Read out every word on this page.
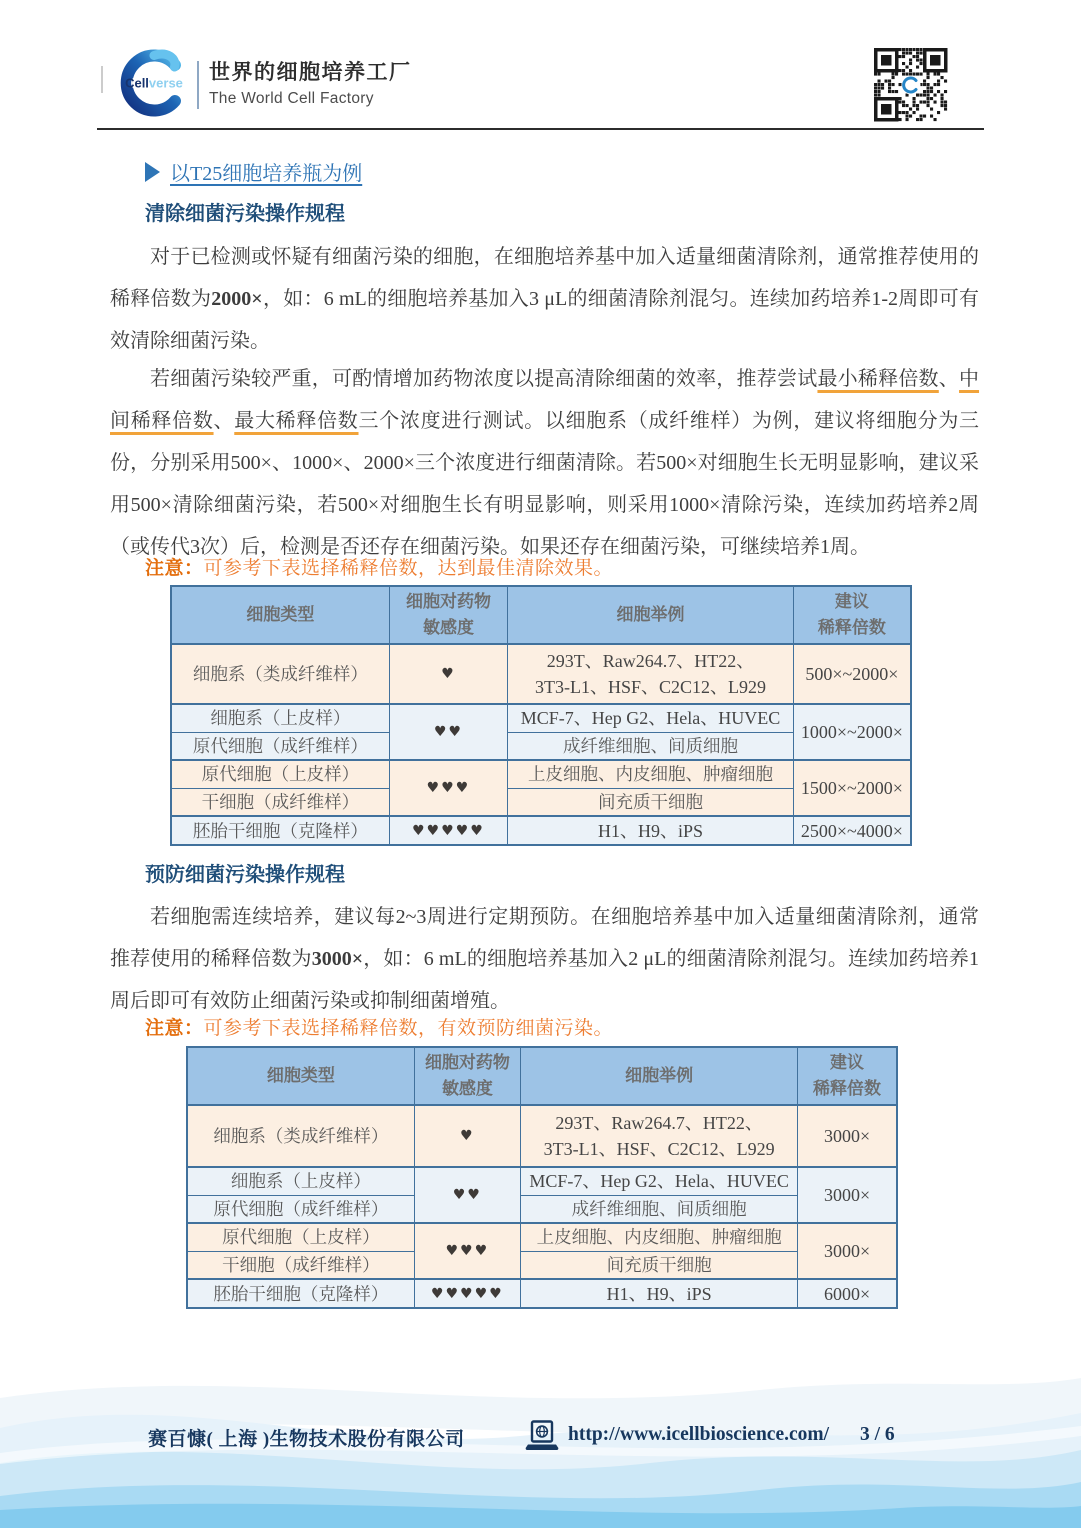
Cellverse 世界的细胞培养工厂
The World Cell Factory
以T25细胞培养瓶为例
清除细菌污染操作规程

对于已检测或怀疑有细菌污染的细胞，在细胞培养基中加入适量细菌清除剂，通常推荐使用的稀释倍数为2000×，如：6 mL的细胞培养基加入3 μL的细菌清除剂混匀。连续加药培养1-2周即可有效清除细菌污染。

若细菌污染较严重，可酌情增加药物浓度以提高清除细菌的效率，推荐尝试最小稀释倍数、中间稀释倍数、最大稀释倍数三个浓度进行测试。以细胞系（成纤维样）为例，建议将细胞分为三份，分别采用500×、1000×、2000×三个浓度进行细菌清除。若500×对细胞生长无明显影响，建议采用500×清除细菌污染，若500×对细胞生长有明显影响，则采用1000×清除污染，连续加药培养2周（或传代3次）后，检测是否还存在细菌污染。如果还存在细菌污染，可继续培养1周。

注意：可参考下表选择稀释倍数，达到最佳清除效果。
细胞类型

细胞对药物
敏感度

细胞举例

建议
稀释倍数

细胞系（类成纤维样）	♥	293T、Raw264.7、HT22、
3T3-L1、HSF、C2C12、L929	500×~2000×
细胞系（上皮样）	♥♥	MCF-7、Hep G2、Hela、HUVEC	1000×~2000×
原代细胞（成纤维样）		成纤维细胞、间质细胞	
原代细胞（上皮样）	♥♥♥	上皮细胞、内皮细胞、肿瘤细胞	1500×~2000×
干细胞（成纤维样）		间充质干细胞	
胚胎干细胞（克隆样）	♥♥♥♥♥	H1、H9、iPS	2500×~4000×
预防细菌污染操作规程

若细胞需连续培养，建议每2~3周进行定期预防。在细胞培养基中加入适量细菌清除剂，通常推荐使用的稀释倍数为3000×，如：6 mL的细胞培养基加入2 μL的细菌清除剂混匀。连续加药培养1周后即可有效防止细菌污染或抑制细菌增殖。

注意：可参考下表选择稀释倍数，有效预防细菌污染。
细胞类型

细胞对药物
敏感度

细胞举例

建议
稀释倍数

细胞系（类成纤维样）	♥	293T、Raw264.7、HT22、
3T3-L1、HSF、C2C12、L929	3000×
细胞系（上皮样）	♥♥	MCF-7、Hep G2、Hela、HUVEC	3000×
原代细胞（成纤维样）		成纤维细胞、间质细胞	
原代细胞（上皮样）	♥♥♥	上皮细胞、内皮细胞、肿瘤细胞	3000×
干细胞（成纤维样）		间充质干细胞	
胚胎干细胞（克隆样）	♥♥♥♥♥	H1、H9、iPS	6000×
赛百慷( 上海 )生物技术股份有限公司	http://www.icellbioscience.com/ 3 / 6
